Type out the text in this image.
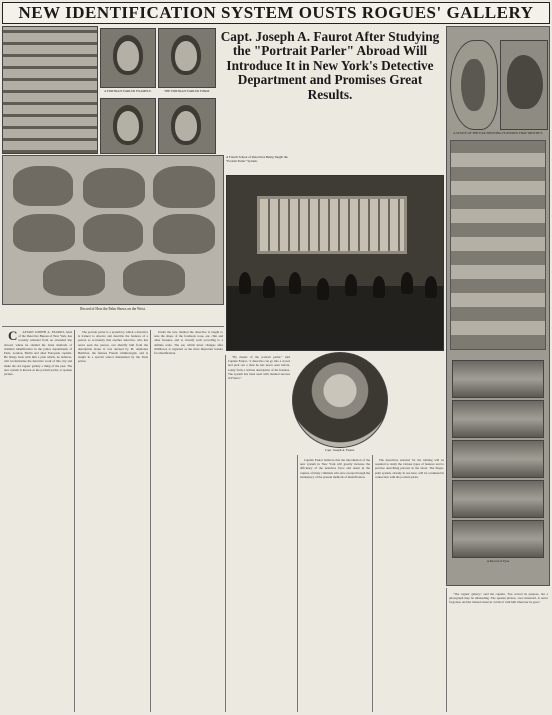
NEW IDENTIFICATION SYSTEM OUSTS ROGUES' GALLERY
A PORTRAIT PARLER EXAMPLE.	THE PORTRAIT PARLER FORM.
Capt. Joseph A. Faurot After Studying the "Portrait Parler" Abroad Will Introduce It in New York's Detective Department and Promises Great Results.
Record of How the Palm Shows on the Wrist.
A French School of Detectives Being Taught the "Portrait Parler" System.
A STUDY OF THE EAR SHOWING FEATURES THAT IDENTIFY.
A Record of Eyes
Capt. Joseph A. Faurot.

C APTAIN JOSEPH A. FAUROT, head of the Detective Bureau of New York, has recently returned from an extended trip abroad, where he studied the latest methods of criminal identification in the police departments of Paris, London, Berlin and other European capitals. He brings back with him a plan which, he believes, will revolutionize the detective work of this city and make the old rogues' gallery a thing of the past. The new system is known as the portrait parler, or spoken picture.

The portrait parler is a system by which a detective is trained to observe and describe the features of a person so accurately that another detective, who has never seen the person, can identify him from the description alone. It was devised by M. Alphonse Bertillon, the famous French criminologist, and is taught in a special school maintained by the Paris police.

Under the new method the detective is taught to note the shape of the forehead, nose, ear, chin and other features, and to classify each according to a definite scale. The ear, which never changes after childhood, is regarded as the most important feature for identification.

"By means of the portrait parler," said Captain Faurot, "a detective can go into a crowd and pick out a man he has never seen before, solely from a written description of his features. The system has been used with marked success in France."

Captain Faurot believes that the introduction of the new system in New York will greatly increase the efficiency of the detective force and result in the capture of many criminals who now escape through the inadequacy of the present methods of identification.

The detectives selected for the training will be required to study the various types of features and to practise describing persons in the street. The finger-print system, already in use here, will be continued in connection with the portrait parler.

"The rogues' gallery," said the captain, "has served its purpose, but a photograph may be misleading. The spoken picture, once mastered, is never forgotten, and the trained observer carries it with him wherever he goes."
